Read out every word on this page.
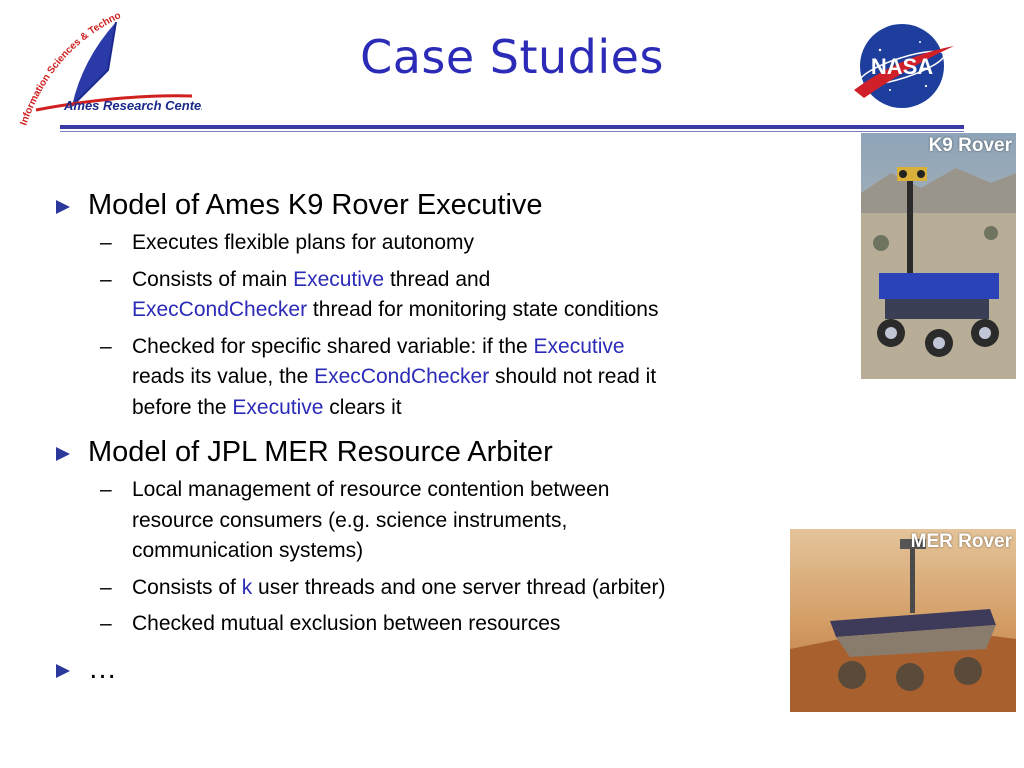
Information Sciences & Techno
Ames Research Center
Case Studies	NASA
K9 Rover
MER Rover
Model of Ames K9 Rover Executive
– Executes flexible plans for autonomy
– Consists of main Executive thread and
ExecCondChecker thread for monitoring state conditions
– Checked for specific shared variable: if the Executive
reads its value, the ExecCondChecker should not read it
before the Executive clears it
Model of JPL MER Resource Arbiter
– Local management of resource contention between
resource consumers (e.g. science instruments,
communication systems)
– Consists of k user threads and one server thread (arbiter)
– Checked mutual exclusion between resources
…
